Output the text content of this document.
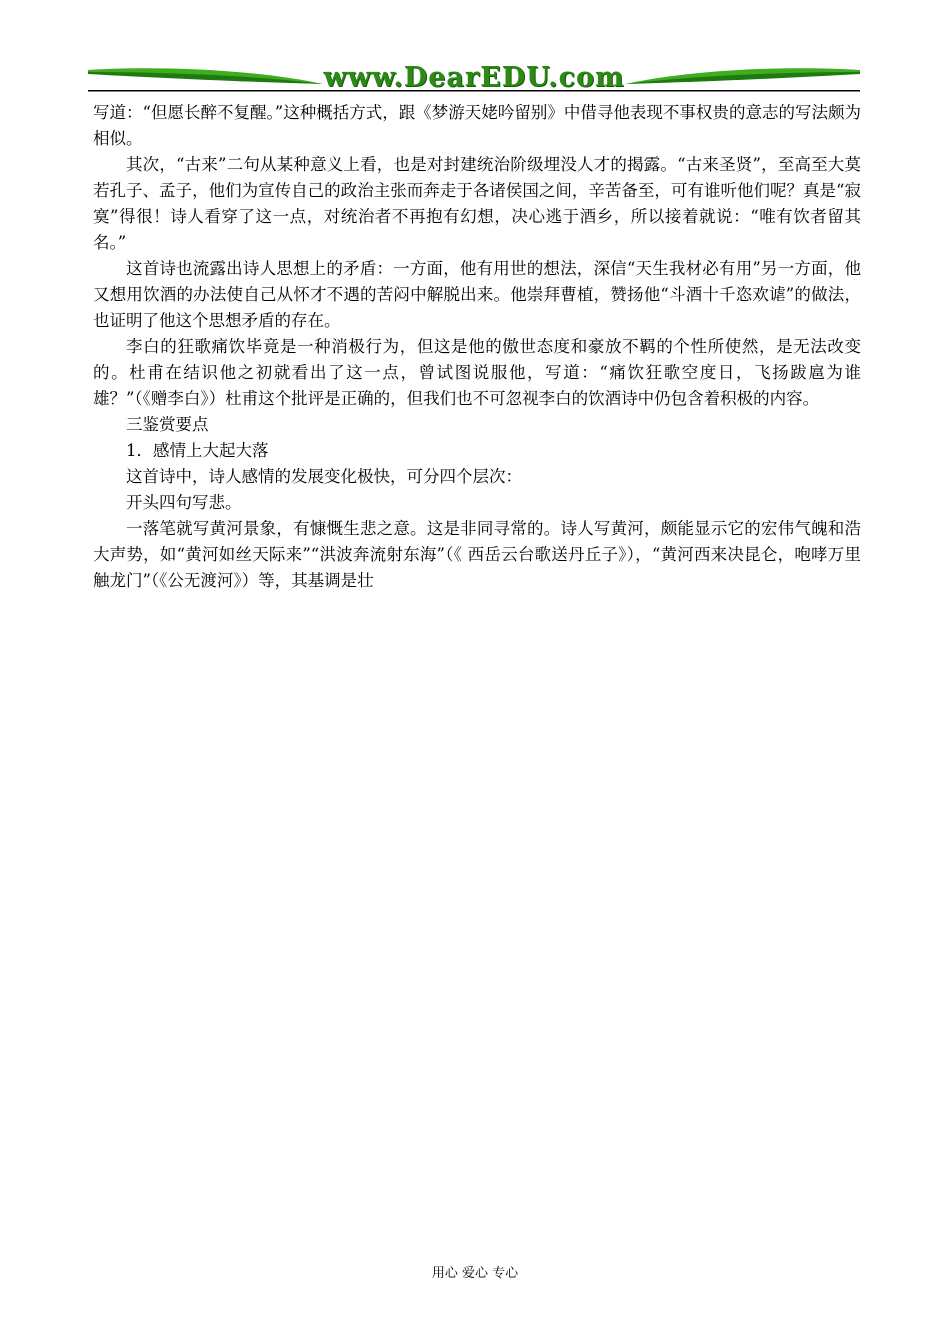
www.DearEDU.com

写道：“但愿长醉不复醒。”这种概括方式，跟《梦游天姥吟留别》中借寻他表现不事权贵的意志的写法颇为相似。

其次，“古来”二句从某种意义上看，也是对封建统治阶级埋没人才的揭露。“古来圣贤”，至高至大莫若孔子、孟子，他们为宣传自己的政治主张而奔走于各诸侯国之间，辛苦备至，可有谁听他们呢？真是“寂寞”得很！诗人看穿了这一点，对统治者不再抱有幻想，决心逃于酒乡，所以接着就说：“唯有饮者留其名。”

这首诗也流露出诗人思想上的矛盾：一方面，他有用世的想法，深信“天生我材必有用”另一方面，他又想用饮酒的办法使自己从怀才不遇的苦闷中解脱出来。他崇拜曹植，赞扬他“斗酒十千恣欢谑”的做法，也证明了他这个思想矛盾的存在。

李白的狂歌痛饮毕竟是一种消极行为，但这是他的傲世态度和豪放不羁的个性所使然，是无法改变的。杜甫在结识他之初就看出了这一点，曾试图说服他，写道：“痛饮狂歌空度日，飞扬跋扈为谁雄？”（《赠李白》）杜甫这个批评是正确的，但我们也不可忽视李白的饮酒诗中仍包含着积极的内容。

三鉴赏要点

1．感情上大起大落

这首诗中，诗人感情的发展变化极快，可分四个层次：

开头四句写悲。

一落笔就写黄河景象，有慷慨生悲之意。这是非同寻常的。诗人写黄河，颇能显示它的宏伟气魄和浩大声势，如“黄河如丝天际来”“洪波奔流射东海”（《 西岳云台歌送丹丘子》），“黄河西来决昆仑，咆哮万里触龙门”（《公无渡河》）等，其基调是壮

用心 爱心 专心
